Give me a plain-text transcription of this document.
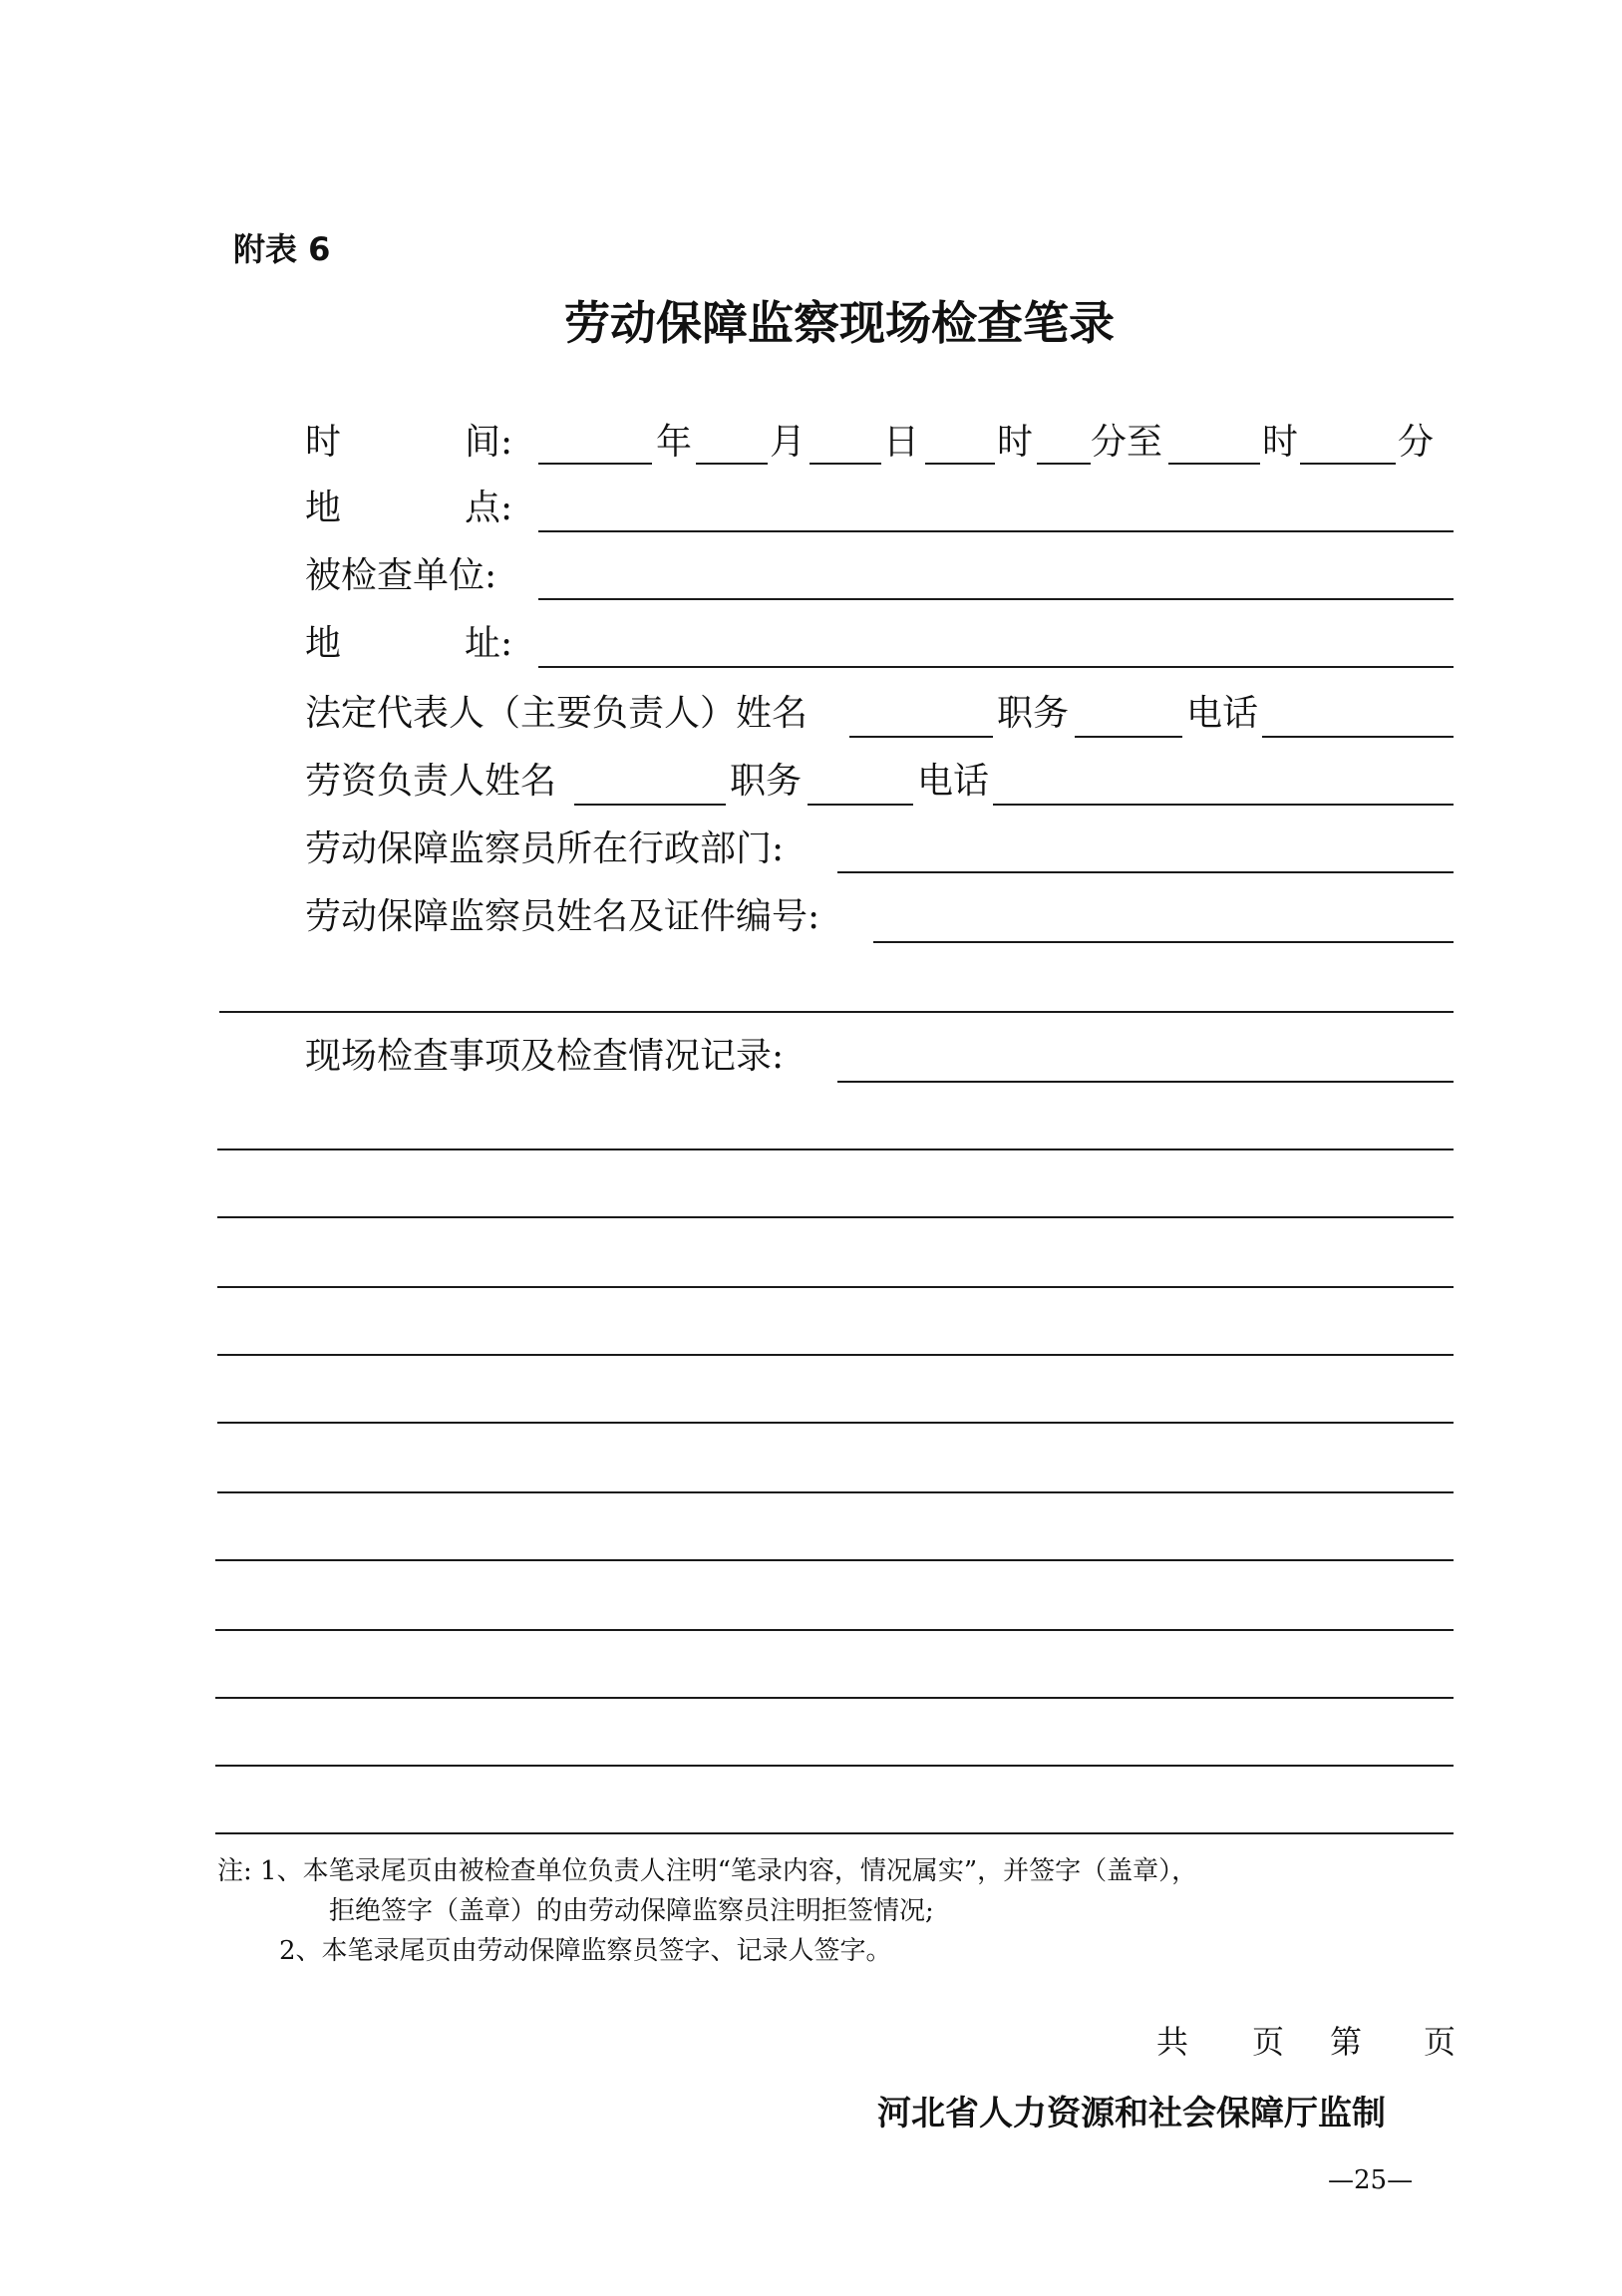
附表 6
劳动保障监察现场检查笔录
时	间:	年 月 日 时 分至	时	分
地	点:
被检查单位:
地	址:
法定代表人（主要负责人）姓名	职务	电话
劳资负责人姓名	职务	电话
劳动保障监察员所在行政部门:
劳动保障监察员姓名及证件编号:
现场检查事项及检查情况记录:
注: 1、本笔录尾页由被检查单位负责人注明“笔录内容，情况属实”，并签字（盖章），
拒绝签字（盖章）的由劳动保障监察员注明拒签情况;
2、本笔录尾页由劳动保障监察员签字、记录人签字。
共 页 第 页
河北省人力资源和社会保障厅监制
—25—
